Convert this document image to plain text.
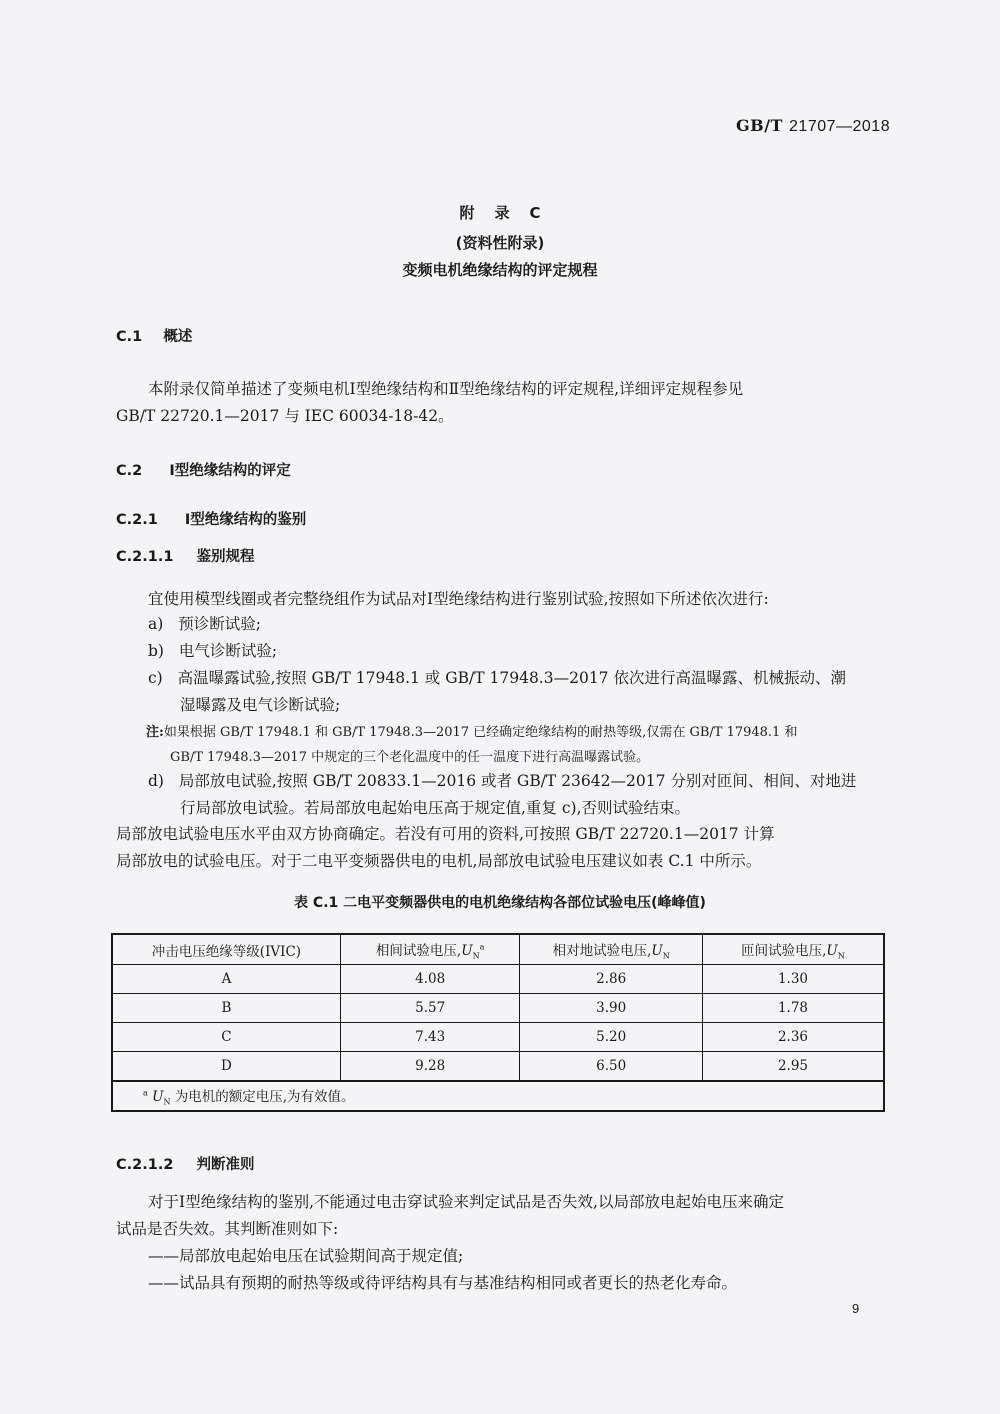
GB/T 21707—2018
附 录 C
(资料性附录)
变频电机绝缘结构的评定规程
C.1 概述
本附录仅简单描述了变频电机Ⅰ型绝缘结构和Ⅱ型绝缘结构的评定规程,详细评定规程参见
GB/T 22720.1—2017 与 IEC 60034-18-42。
C.2 Ⅰ型绝缘结构的评定
C.2.1 Ⅰ型绝缘结构的鉴别
C.2.1.1 鉴别规程
宜使用模型线圈或者完整绕组作为试品对Ⅰ型绝缘结构进行鉴别试验,按照如下所述依次进行:
a) 预诊断试验;
b) 电气诊断试验;
c) 高温曝露试验,按照 GB/T 17948.1 或 GB/T 17948.3—2017 依次进行高温曝露、机械振动、潮
湿曝露及电气诊断试验;
注:如果根据 GB/T 17948.1 和 GB/T 17948.3—2017 已经确定绝缘结构的耐热等级,仅需在 GB/T 17948.1 和
GB/T 17948.3—2017 中规定的三个老化温度中的任一温度下进行高温曝露试验。
d) 局部放电试验,按照 GB/T 20833.1—2016 或者 GB/T 23642—2017 分别对匝间、相间、对地进
行局部放电试验。若局部放电起始电压高于规定值,重复 c),否则试验结束。
局部放电试验电压水平由双方协商确定。若没有可用的资料,可按照 GB/T 22720.1—2017 计算
局部放电的试验电压。对于二电平变频器供电的电机,局部放电试验电压建议如表 C.1 中所示。
表 C.1 二电平变频器供电的电机绝缘结构各部位试验电压(峰峰值)
冲击电压绝缘等级(IVIC)	相间试验电压$,U_N^a$	相对地试验电压$,U_N$	匝间试验电压$,U_N$
A	4.08	2.86	1.30
B	5.57	3.90	1.78
C	7.43	5.20	2.36
D	9.28	6.50	2.95
$^a$ $U_N$ 为电机的额定电压,为有效值。			
C.2.1.2 判断准则
对于Ⅰ型绝缘结构的鉴别,不能通过电击穿试验来判定试品是否失效,以局部放电起始电压来确定
试品是否失效。其判断准则如下:
——局部放电起始电压在试验期间高于规定值;
——试品具有预期的耐热等级或待评结构具有与基准结构相同或者更长的热老化寿命。
9
